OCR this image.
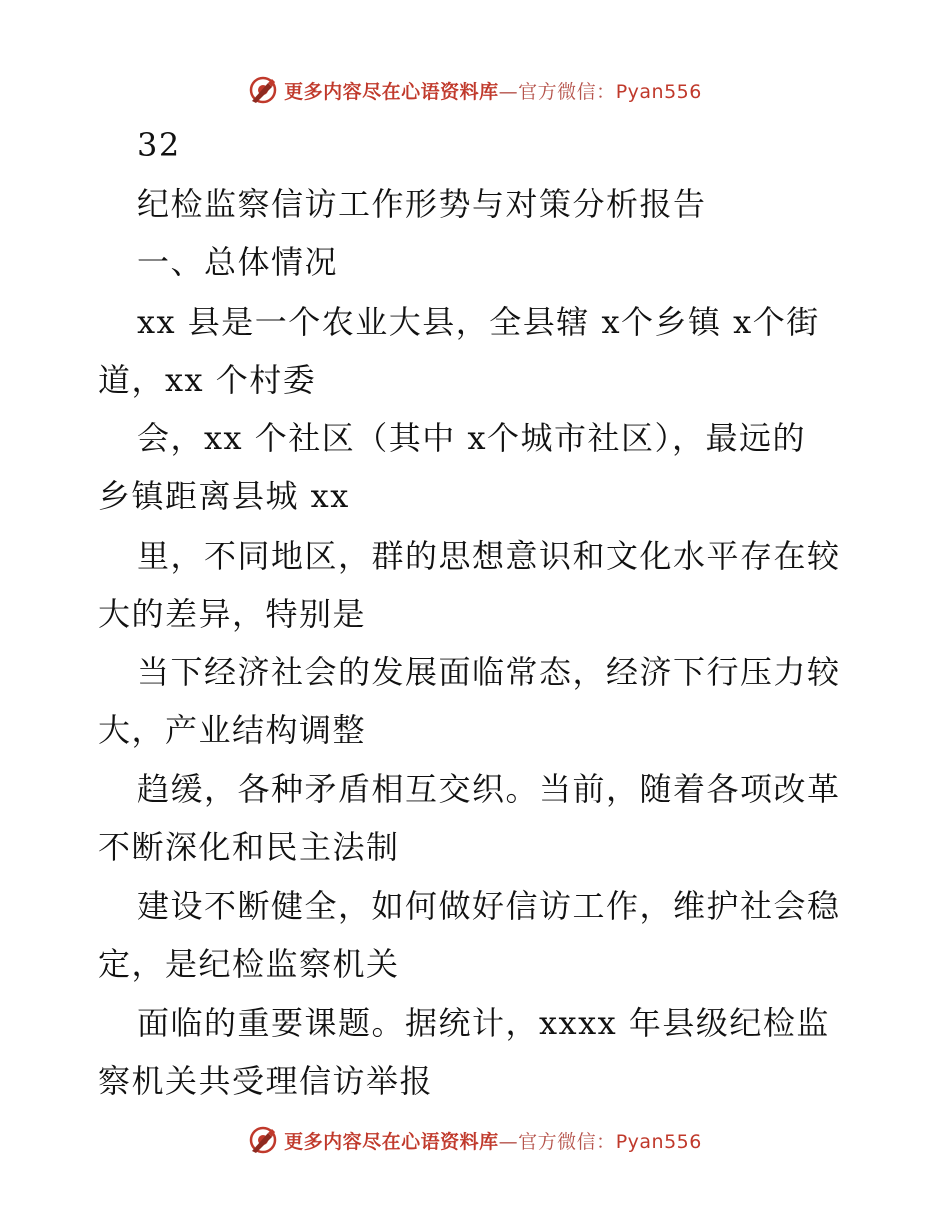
更多内容尽在心语资料库—官方微信：Pyan556
32
纪检监察信访工作形势与对策分析报告
一、总体情况
xx 县是一个农业大县，全县辖 x个乡镇 x个街
道，xx 个村委
会，xx 个社区（其中 x个城市社区），最远的
乡镇距离县城 xx
里，不同地区，群的思想意识和文化水平存在较
大的差异，特别是
当下经济社会的发展面临常态，经济下行压力较
大，产业结构调整
趋缓，各种矛盾相互交织。当前，随着各项改革
不断深化和民主法制
建设不断健全，如何做好信访工作，维护社会稳
定，是纪检监察机关
面临的重要课题。据统计，xxxx 年县级纪检监
察机关共受理信访举报
更多内容尽在心语资料库—官方微信：Pyan556
